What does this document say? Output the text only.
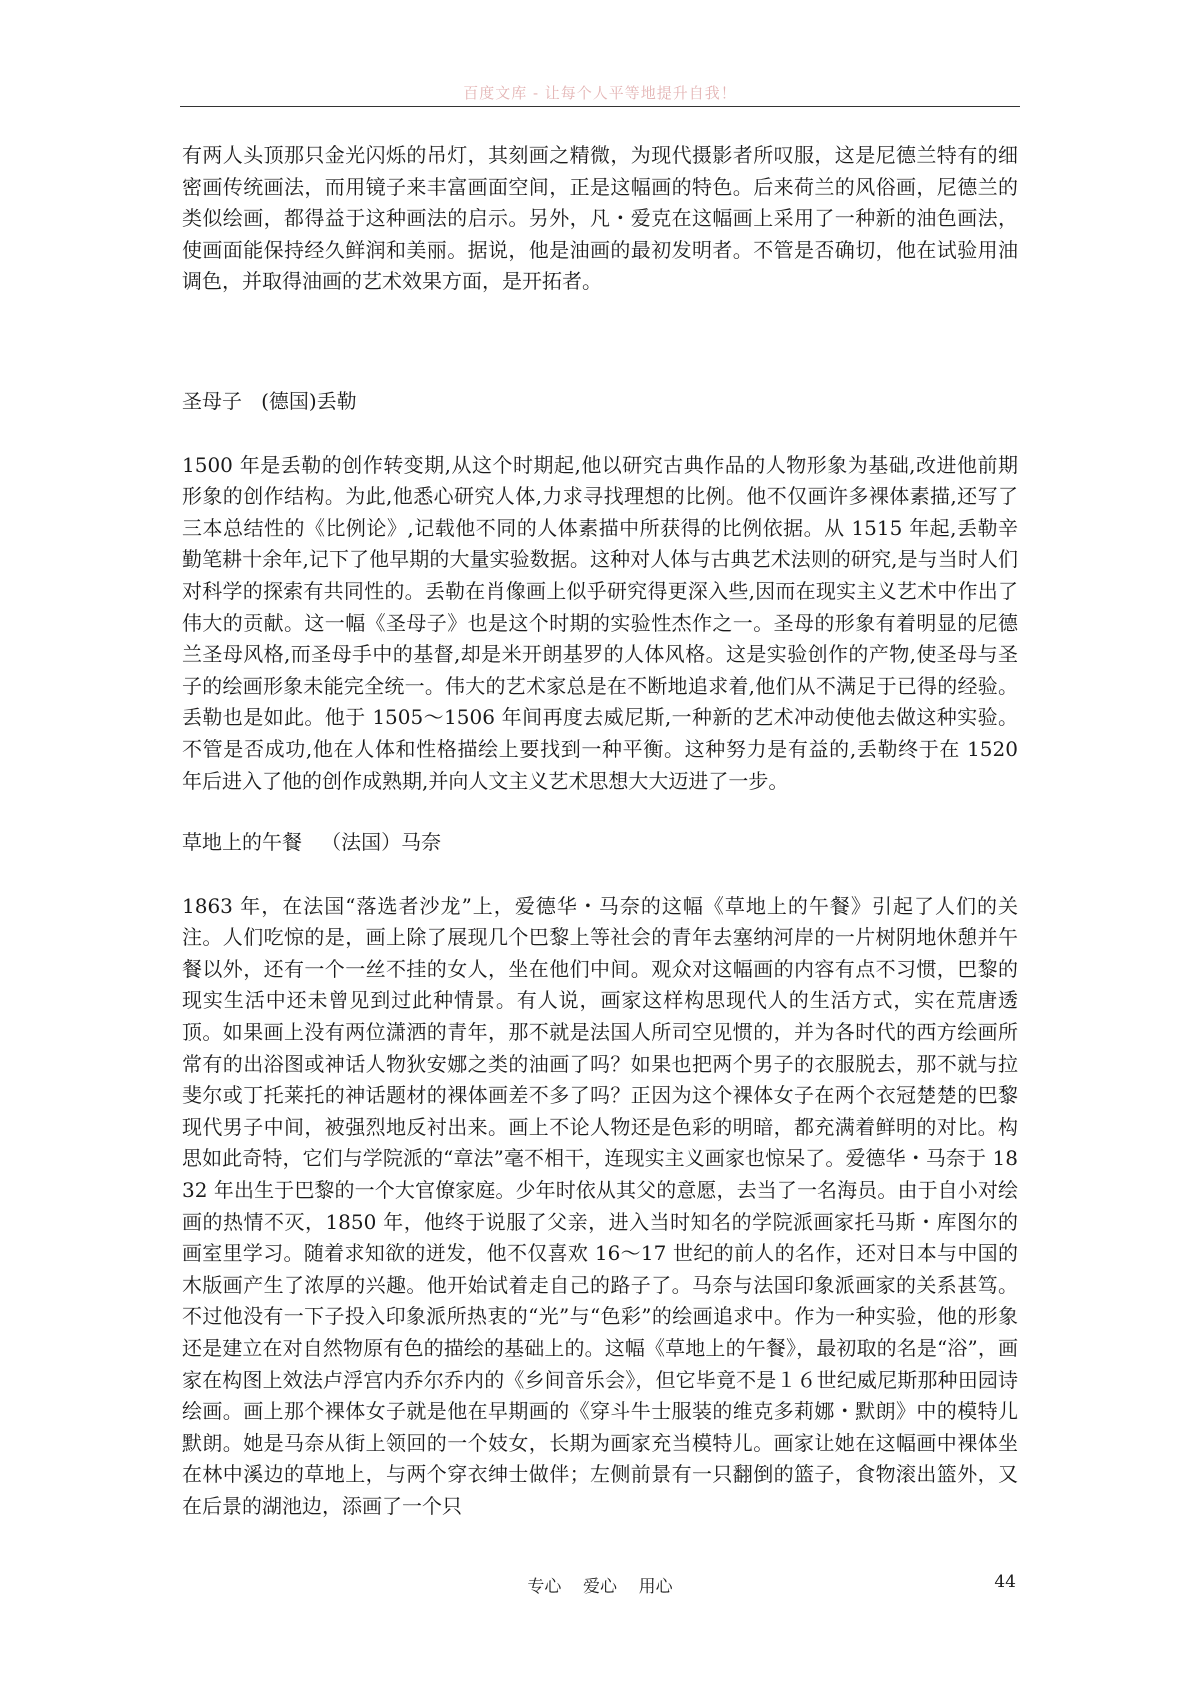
百度文库 - 让每个人平等地提升自我！

有两人头顶那只金光闪烁的吊灯，其刻画之精微，为现代摄影者所叹服，这是尼德兰特有的细密画传统画法，而用镜子来丰富画面空间，正是这幅画的特色。后来荷兰的风俗画，尼德兰的类似绘画，都得益于这种画法的启示。另外，凡・爱克在这幅画上采用了一种新的油色画法，使画面能保持经久鲜润和美丽。据说，他是油画的最初发明者。不管是否确切，他在试验用油调色，并取得油画的艺术效果方面，是开拓者。

圣母子   (德国)丢勒

1500 年是丢勒的创作转变期,从这个时期起,他以研究古典作品的人物形象为基础,改进他前期形象的创作结构。为此,他悉心研究人体,力求寻找理想的比例。他不仅画许多裸体素描,还写了三本总结性的《比例论》,记载他不同的人体素描中所获得的比例依据。从 1515 年起,丢勒辛勤笔耕十余年,记下了他早期的大量实验数据。这种对人体与古典艺术法则的研究,是与当时人们对科学的探索有共同性的。丢勒在肖像画上似乎研究得更深入些,因而在现实主义艺术中作出了伟大的贡献。这一幅《圣母子》也是这个时期的实验性杰作之一。圣母的形象有着明显的尼德兰圣母风格,而圣母手中的基督,却是米开朗基罗的人体风格。这是实验创作的产物,使圣母与圣子的绘画形象未能完全统一。伟大的艺术家总是在不断地追求着,他们从不满足于已得的经验。丢勒也是如此。他于 1505～1506 年间再度去威尼斯,一种新的艺术冲动使他去做这种实验。不管是否成功,他在人体和性格描绘上要找到一种平衡。这种努力是有益的,丢勒终于在 1520 年后进入了他的创作成熟期,并向人文主义艺术思想大大迈进了一步。

草地上的午餐   （法国）马奈

1863 年，在法国“落选者沙龙”上，爱德华・马奈的这幅《草地上的午餐》引起了人们的关注。人们吃惊的是，画上除了展现几个巴黎上等社会的青年去塞纳河岸的一片树阴地休憩并午餐以外，还有一个一丝不挂的女人，坐在他们中间。观众对这幅画的内容有点不习惯，巴黎的现实生活中还未曾见到过此种情景。有人说，画家这样构思现代人的生活方式，实在荒唐透顶。如果画上没有两位潇洒的青年，那不就是法国人所司空见惯的，并为各时代的西方绘画所常有的出浴图或神话人物狄安娜之类的油画了吗？如果也把两个男子的衣服脱去，那不就与拉斐尔或丁托莱托的神话题材的裸体画差不多了吗？正因为这个裸体女子在两个衣冠楚楚的巴黎现代男子中间，被强烈地反衬出来。画上不论人物还是色彩的明暗，都充满着鲜明的对比。构思如此奇特，它们与学院派的“章法”毫不相干，连现实主义画家也惊呆了。爱德华・马奈于 1832 年出生于巴黎的一个大官僚家庭。少年时依从其父的意愿，去当了一名海员。由于自小对绘画的热情不灭，1850 年，他终于说服了父亲，进入当时知名的学院派画家托马斯・库图尔的画室里学习。随着求知欲的迸发，他不仅喜欢 16～17 世纪的前人的名作，还对日本与中国的木版画产生了浓厚的兴趣。他开始试着走自己的路子了。马奈与法国印象派画家的关系甚笃。不过他没有一下子投入印象派所热衷的“光”与“色彩”的绘画追求中。作为一种实验，他的形象还是建立在对自然物原有色的描绘的基础上的。这幅《草地上的午餐》，最初取的名是“浴”，画家在构图上效法卢浮宫内乔尔乔内的《乡间音乐会》，但它毕竟不是１６世纪威尼斯那种田园诗绘画。画上那个裸体女子就是他在早期画的《穿斗牛士服装的维克多莉娜・默朗》中的模特儿默朗。她是马奈从街上领回的一个妓女，长期为画家充当模特儿。画家让她在这幅画中裸体坐在林中溪边的草地上，与两个穿衣绅士做伴；左侧前景有一只翻倒的篮子，食物滚出篮外，又在后景的湖池边，添画了一个只

专心    爱心    用心	44
